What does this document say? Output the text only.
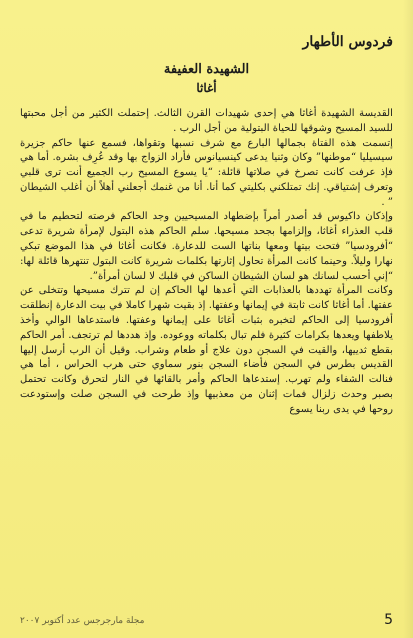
فردوس الأطهار
الشهيدة العفيفة
أغاثا

القديسة الشهيدة أغاثا هي إحدى شهيدات القرن الثالث. إحتملت الكثير من أجل محبتها للسيد المسيح وشوقها للحياة البتولية من أجل الرب .

إتسمت هذه الفتاة بجمالها البارع مع شرف نسبها وتقواها، فسمع عنها حاكم جزيرة سيسيليا “موطنها” وكان وثنيا يدعى كينسيانوس فأراد الزواج بها وقد عُرِف بشره. أما هي فإذ عرفت كانت تصرخ في صلاتها قائلة: “يا يسوع المسيح رب الجميع أنت ترى قلبي وتعرف إشتياقي. إنك تمتلكني بكليتي كما أنا. أنا من غنمك أجعلني أهلاً أن أغلب الشيطان ” .

وإذكان داكيوس قد أصدر أمراً بإضطهاد المسيحيين وجد الحاكم فرصته لتحطيم ما في قلب العذراء أغاثا، وإلزامها بجحد مسيحها. سلم الحاكم هذه البتول لإمرأة شريرة تدعى “أفرودسيا” فتحت بيتها ومعها بناتها الست للدعارة. فكانت أغاثا في هذا الموضع تبكي نهارا وليلاً. وحينما كانت المرأة تحاول إثارتها بكلمات شريرة كانت البتول تنتهرها قائلة لها: “إني أحسب لسانك هو لسان الشيطان الساكن في قلبك لا لسان أمرأة”.

وكانت المرأة تهددها بالعذابات التي أعدها لها الحاكم إن لم تترك مسيحها وتتخلى عن عفتها. أما أغاثا كانت ثابتة في إيمانها وعفتها. إذ بقيت شهرا كاملا في بيت الدعارة إنطلقت أفرودسيا إلى الحاكم لتخبره بثبات أغاثا على إيمانها وعفتها. فاستدعاها الوالي وأخذ يلاطفها ويعدها بكرامات كثيرة فلم تبال بكلماته ووعوده. وإذ هددها لم ترتجف. أمر الحاكم بقطع ثدييها، والقيت في السجن دون علاج أو طعام وشراب. وقيل أن الرب أرسل إليها القديس بطرس في السجن فأضاء السجن بنور سماوي حتى هرب الحراس ، أما هي فنالت الشفاء ولم تهرب. إستدعاها الحاكم وأمر بالقائها في النار لتحرق وكانت تحتمل بصبر وحدث زلزال فمات إثنان من معذبيها وإذ طرحت في السجن صلت وإستودعت روحها في يدى ربنا يسوع

مجلة مارجرجس عدد أكتوبر ٢٠٠٧	5
